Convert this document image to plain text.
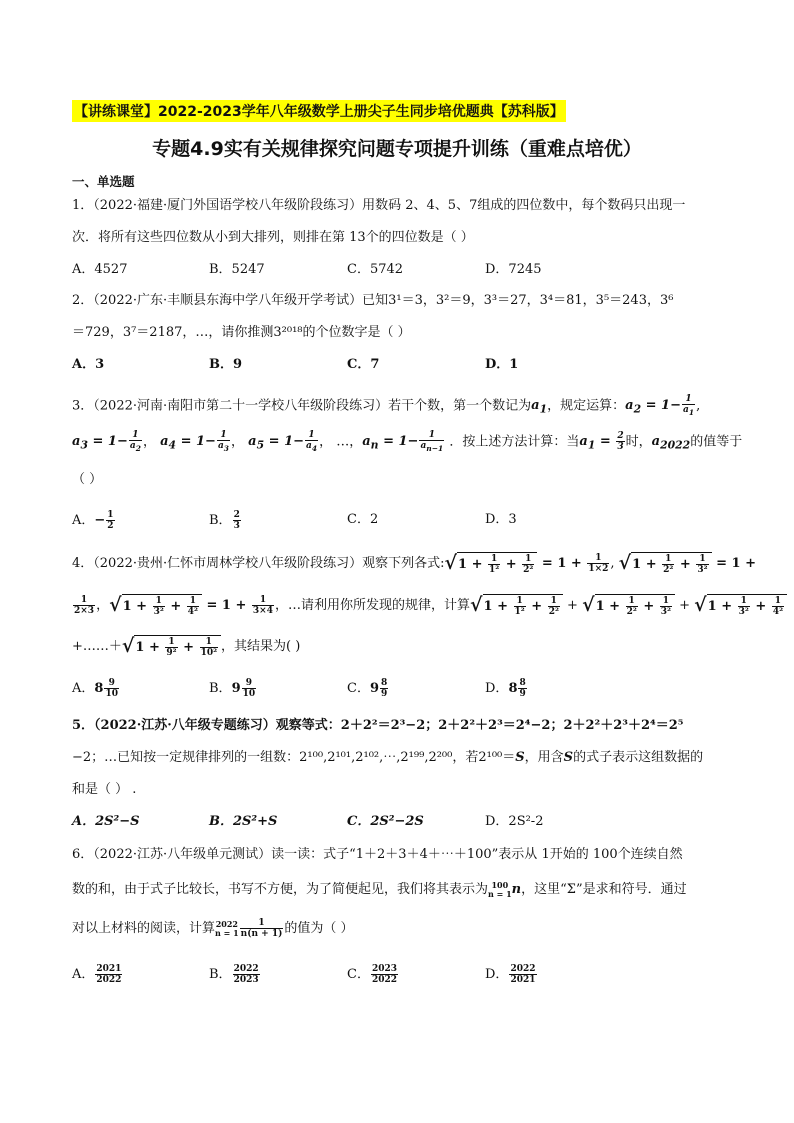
【讲练课堂】2022-2023学年八年级数学上册尖子生同步培优题典【苏科版】
专题4.9实有关规律探究问题专项提升训练（重难点培优）
一、单选题
1．（2022·福建·厦门外国语学校八年级阶段练习）用数码 2、4、5、7组成的四位数中，每个数码只出现一
次．将所有这些四位数从小到大排列，则排在第 13个的四位数是（ ）
A．4527	B．5247	C．5742	D．7245
2．（2022·广东·丰顺县东海中学八年级开学考试）已知3¹＝3，3²＝9，3³＝27，3⁴＝81，3⁵＝243，3⁶
＝729，3⁷＝2187，…，请你推测3²⁰¹⁸的个位数字是（ ）
A．3	B．9	C．7	D．1
3．（2022·河南·南阳市第二十一学校八年级阶段练习）若干个数，第一个数记为$a_1$，规定运算：$a_2 = 1- \frac{1}{a_1}$ ,
$a_3 = 1- \frac{1}{a_2}$ ， $a_4 = 1- \frac{1}{a_3}$ ， $a_5 = 1- \frac{1}{a_4}$ ， …，$a_n = 1- \frac{1}{a_{n-1}}$ ．按上述方法计算：当$a_1 = \frac{2}{3}$ 时，$a_{2022}$的值等于
（ ）
A．− $\frac{1}{2}$	B． $\frac{2}{3}$	C．2	D．3
4．（2022·贵州·仁怀市周林学校八年级阶段练习）观察下列各式: √ $1 + \frac{1}{\text{1²}} + \frac{1}{\text{2²}} = 1 + \frac{1}{1\times 2}$ , √ $1 + \frac{1}{\text{2²}} + \frac{1}{\text{3²}} = 1$ +
$\frac{1}{2\times 3}$ ， √ $1 + \frac{1}{\text{3²}} + \frac{1}{\text{4²}} = 1 + \frac{1}{3\times 4}$ ，…请利用你所发现的规律，计算 √ $1 + \frac{1}{\text{1²}} + \frac{1}{\text{2²}}$ + √ $1 + \frac{1}{\text{2²}} + \frac{1}{\text{3²}}$ + √ $1 + \frac{1}{\text{3²}} + \frac{1}{\text{4²}}$
+……＋ √ $1 + \frac{1}{\text{9²}} + \frac{1}{\text{10²}}$ ，其结果为( )
A．$8 \frac{9}{10}$	B．$9 \frac{9}{10}$	C．$9 \frac{8}{9}$	D．$8 \frac{8}{9}$
5．（2022·江苏·八年级专题练习）观察等式：2＋2²＝2³−2；2＋2²＋2³＝2⁴−2；2＋2²＋2³＋2⁴＝2⁵
−2；…已知按一定规律排列的一组数：2¹⁰⁰,2¹⁰¹,2¹⁰²,⋯,2¹⁹⁹,2²⁰⁰，若2¹⁰⁰＝S，用含S的式子表示这组数据的
和是（ ） .
A．2S²−S	B．2S²+S	C．2S²−2S	D．2S²-2
6．（2022·江苏·八年级单元测试）读一读：式子“1＋2＋3＋4＋⋯＋100”表示从 1开始的 100个连续自然
数的和，由于式子比较长，书写不方便，为了简便起见，我们将其表示为 100
n = 1 n，这里“Σ”是求和符号．通过
对以上材料的阅读，计算 2022
$n = 1 \frac{1}{n(n + 1)}$ 的值为（ ）
A． $\frac{2021}{2022}$	B． $\frac{2022}{2023}$	C． $\frac{2023}{2022}$	D． $\frac{2022}{2021}$
